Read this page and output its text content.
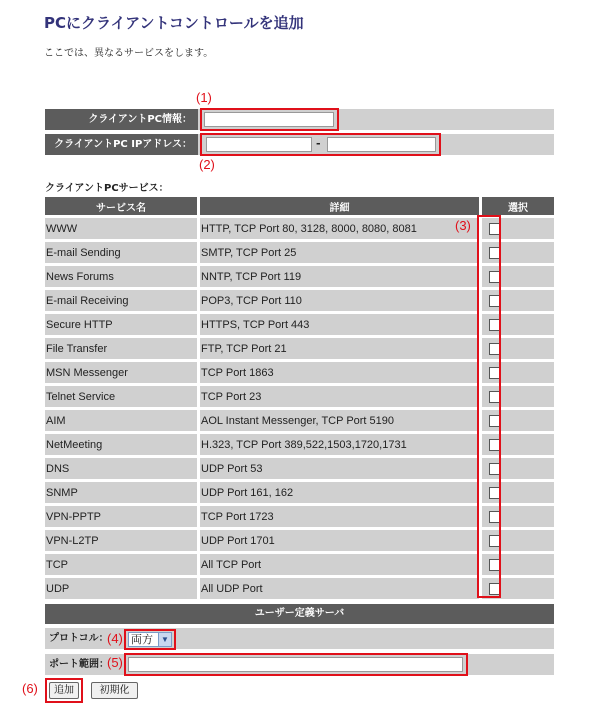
PCにクライアントコントロールを追加
ここでは、異なるサービスをします。
(1)
クライアントPC情報：
クライアントPC IPアドレス：	-
(2)
クライアントPCサービス：
サービス名	詳細	選択
WWW	HTTP, TCP Port 80, 3128, 8000, 8080, 8081	
E-mail Sending	SMTP, TCP Port 25	
News Forums	NNTP, TCP Port 119	
E-mail Receiving	POP3, TCP Port 110	
Secure HTTP	HTTPS, TCP Port 443	
File Transfer	FTP, TCP Port 21	
MSN Messenger	TCP Port 1863	
Telnet Service	TCP Port 23	
AIM	AOL Instant Messenger, TCP Port 5190	
NetMeeting	H.323, TCP Port 389,522,1503,1720,1731	
DNS	UDP Port 53	
SNMP	UDP Port 161, 162	
VPN-PPTP	TCP Port 1723	
VPN-L2TP	UDP Port 1701	
TCP	All TCP Port	
UDP	All UDP Port	
(3)
ユーザー定義サーバ
プロトコル：
(4) 両方	▼
ポート範囲：
(5)
(6)	追加	初期化
